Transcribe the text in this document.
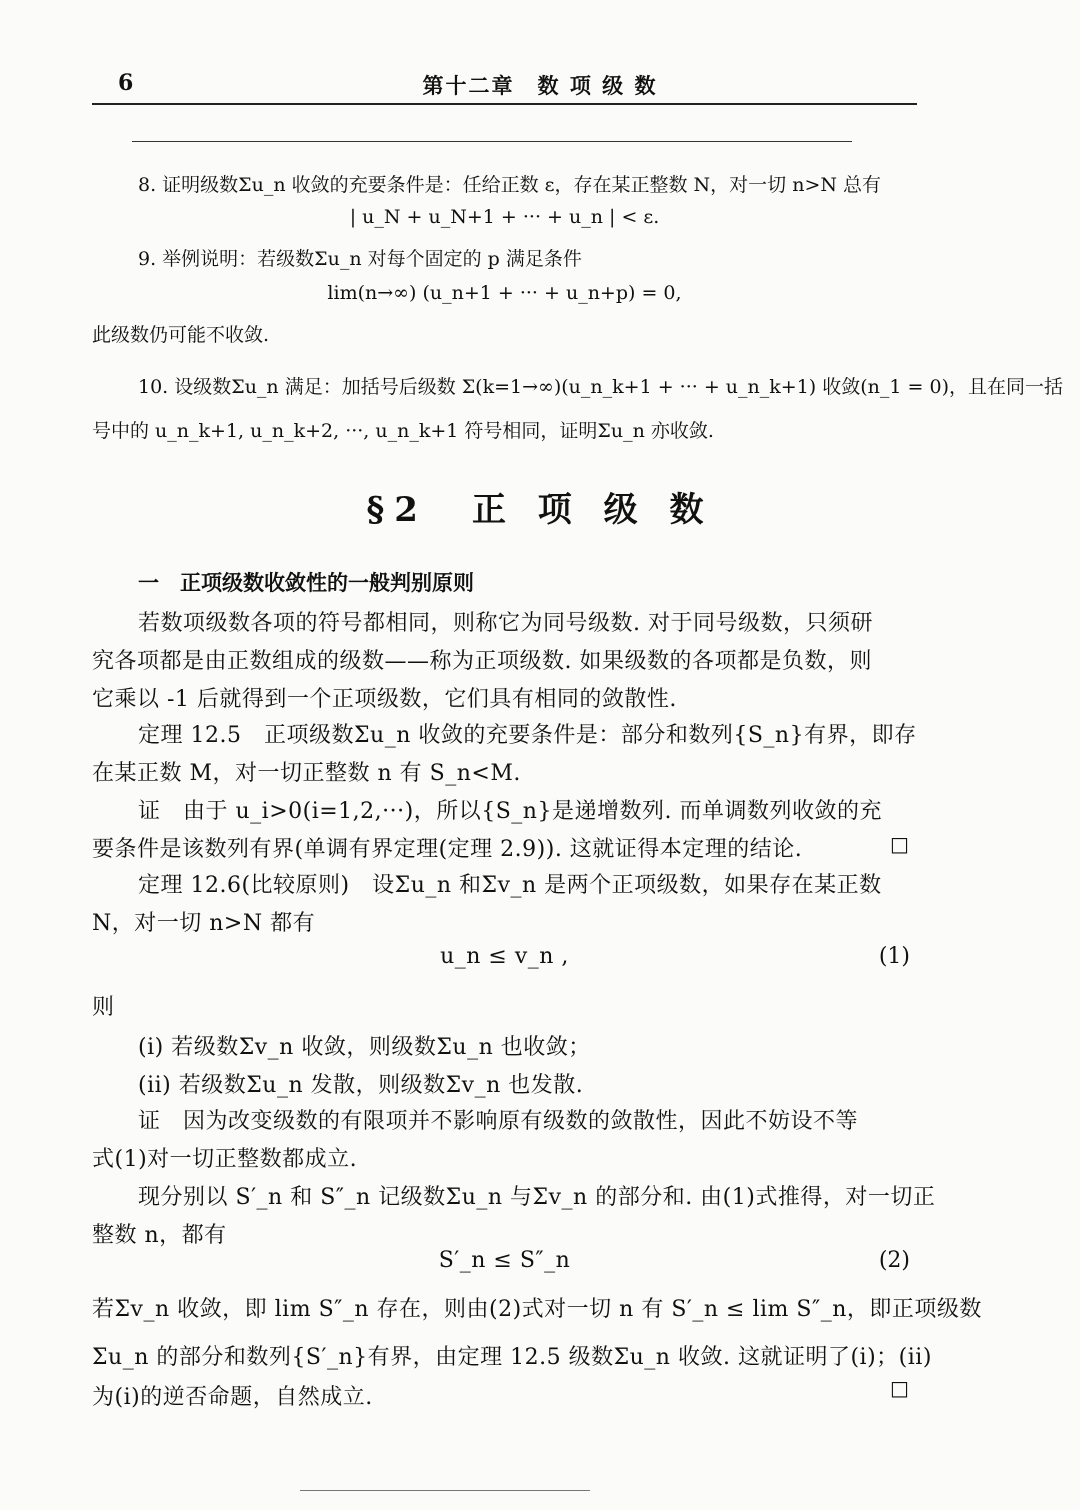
6	第十二章　数 项 级 数
8. 证明级数Σu_n 收敛的充要条件是：任给正数 ε，存在某正整数 N，对一切 n>N 总有
| u_N + u_N+1 + ··· + u_n | < ε.
9. 举例说明：若级数Σu_n 对每个固定的 p 满足条件
lim(n→∞) (u_n+1 + ··· + u_n+p) = 0,
此级数仍可能不收敛.
10. 设级数Σu_n 满足：加括号后级数 Σ(k=1→∞)(u_n_k+1 + ··· + u_n_k+1) 收敛(n_1 = 0)，且在同一括
号中的 u_n_k+1, u_n_k+2, ···, u_n_k+1 符号相同，证明Σu_n 亦收敛.
§2　正 项 级 数
一　正项级数收敛性的一般判别原则
若数项级数各项的符号都相同，则称它为同号级数. 对于同号级数，只须研
究各项都是由正数组成的级数——称为正项级数. 如果级数的各项都是负数，则
它乘以 -1 后就得到一个正项级数，它们具有相同的敛散性.
定理 12.5　正项级数Σu_n 收敛的充要条件是：部分和数列{S_n}有界，即存
在某正数 M，对一切正整数 n 有 S_n<M.
证　由于 u_i>0(i=1,2,···)，所以{S_n}是递增数列. 而单调数列收敛的充
要条件是该数列有界(单调有界定理(定理 2.9)). 这就证得本定理的结论.	□
定理 12.6(比较原则)　设Σu_n 和Σv_n 是两个正项级数，如果存在某正数
N，对一切 n>N 都有
u_n ≤ v_n ,	(1)
则
(i) 若级数Σv_n 收敛，则级数Σu_n 也收敛；
(ii) 若级数Σu_n 发散，则级数Σv_n 也发散.
证　因为改变级数的有限项并不影响原有级数的敛散性，因此不妨设不等
式(1)对一切正整数都成立.
现分别以 S′_n 和 S″_n 记级数Σu_n 与Σv_n 的部分和. 由(1)式推得，对一切正
整数 n，都有
S′_n ≤ S″_n	(2)
若Σv_n 收敛，即 lim S″_n 存在，则由(2)式对一切 n 有 S′_n ≤ lim S″_n，即正项级数
Σu_n 的部分和数列{S′_n}有界，由定理 12.5 级数Σu_n 收敛. 这就证明了(i)；(ii)
为(i)的逆否命题，自然成立.	□
